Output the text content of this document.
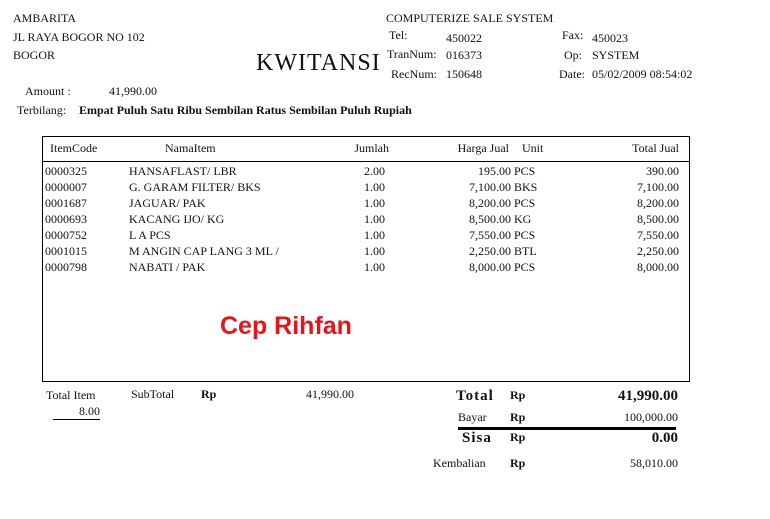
AMBARITA
JL RAYA BOGOR NO 102
BOGOR	KWITANSI
COMPUTERIZE SALE SYSTEM
Tel:	450022	Fax: 450023
TranNum: 016373	Op: SYSTEM
RecNum: 150648	Date: 05/02/2009 08:54:02
Amount :	41,990.00
Terbilang: Empat Puluh Satu Ribu Sembilan Ratus Sembilan Puluh Rupiah
ItemCode	NamaItem	Jumlah	Harga Jual Unit	Total Jual
0000325	HANSAFLAST/ LBR	2.00	195.00 PCS	390.00
0000007	G. GARAM FILTER/ BKS	1.00	7,100.00 BKS	7,100.00
0001687	JAGUAR/ PAK	1.00	8,200.00 PCS	8,200.00
0000693	KACANG IJO/ KG	1.00	8,500.00 KG	8,500.00
0000752	L A PCS	1.00	7,550.00 PCS	7,550.00
0001015	M ANGIN CAP LANG 3 ML /	1.00	2,250.00 BTL	2,250.00
0000798	NABATI / PAK	1.00	8,000.00 PCS	8,000.00
Cep Rihfan
Total Item
8.00
SubTotal Rp	41,990.00	Total Rp	41,990.00
Bayar Rp	100,000.00
Sisa Rp	0.00
Kembalian Rp	58,010.00
